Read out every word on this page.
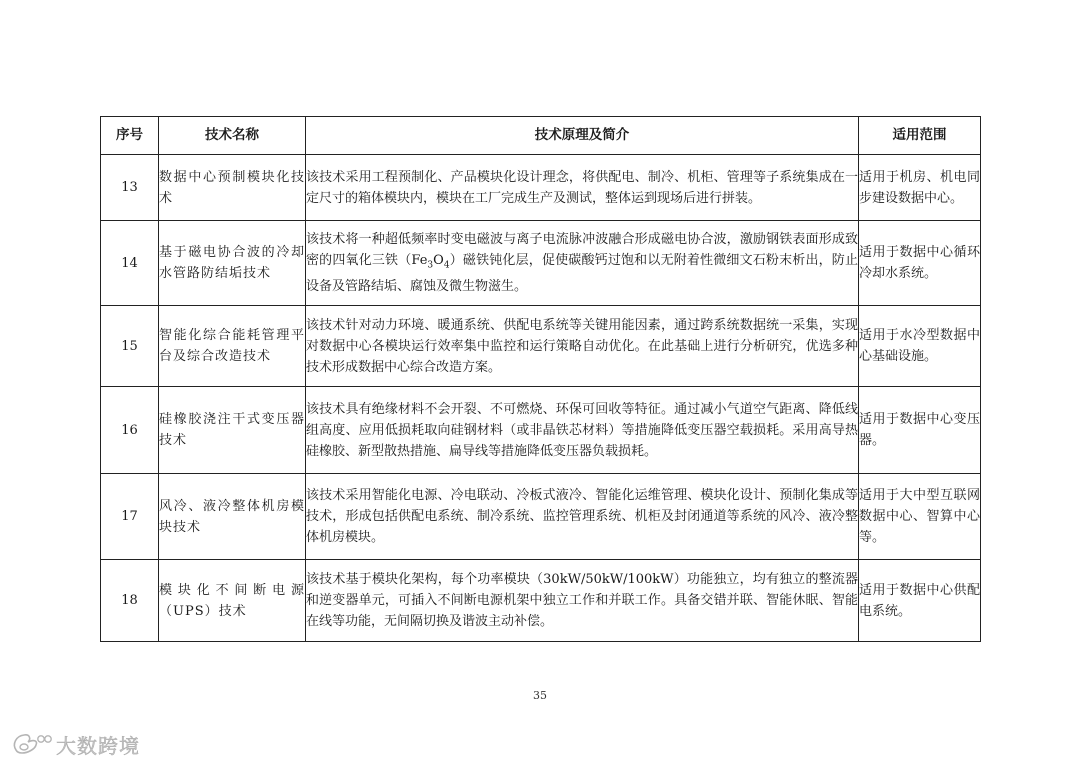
序号	技术名称	技术原理及简介	适用范围
13	数据中心预制模块化技术	该技术采用工程预制化、产品模块化设计理念，将供配电、制冷、机柜、管理等子系统集成在一定尺寸的箱体模块内，模块在工厂完成生产及测试，整体运到现场后进行拼装。	适用于机房、机电同步建设数据中心。
14	基于磁电协合波的冷却水管路防结垢技术	该技术将一种超低频率时变电磁波与离子电流脉冲波融合形成磁电协合波，激励钢铁表面形成致密的四氧化三铁$(Fe_3O_4)$磁铁钝化层，促使碳酸钙过饱和以无附着性微细文石粉末析出，防止设备及管路结垢、腐蚀及微生物滋生。	适用于数据中心循环冷却水系统。
15	智能化综合能耗管理平台及综合改造技术	该技术针对动力环境、暖通系统、供配电系统等关键用能因素，通过跨系统数据统一采集，实现对数据中心各模块运行效率集中监控和运行策略自动优化。在此基础上进行分析研究，优选多种技术形成数据中心综合改造方案。	适用于水冷型数据中心基础设施。
16	硅橡胶浇注干式变压器技术	该技术具有绝缘材料不会开裂、不可燃烧、环保可回收等特征。通过减小气道空气距离、降低线组高度、应用低损耗取向硅钢材料（或非晶铁芯材料）等措施降低变压器空载损耗。采用高导热硅橡胶、新型散热措施、扁导线等措施降低变压器负载损耗。	适用于数据中心变压器。
17	风冷、液冷整体机房模块技术	该技术采用智能化电源、冷电联动、冷板式液冷、智能化运维管理、模块化设计、预制化集成等技术，形成包括供配电系统、制冷系统、监控管理系统、机柜及封闭通道等系统的风冷、液冷整体机房模块。	适用于大中型互联网数据中心、智算中心等。
18	模块化不间断电源（UPS）技术	该技术基于模块化架构，每个功率模块（30kW/50kW/100kW）功能独立，均有独立的整流器和逆变器单元，可插入不间断电源机架中独立工作和并联工作。具备交错并联、智能休眠、智能在线等功能，无间隔切换及谐波主动补偿。	适用于数据中心供配电系统。
35
大数跨境
